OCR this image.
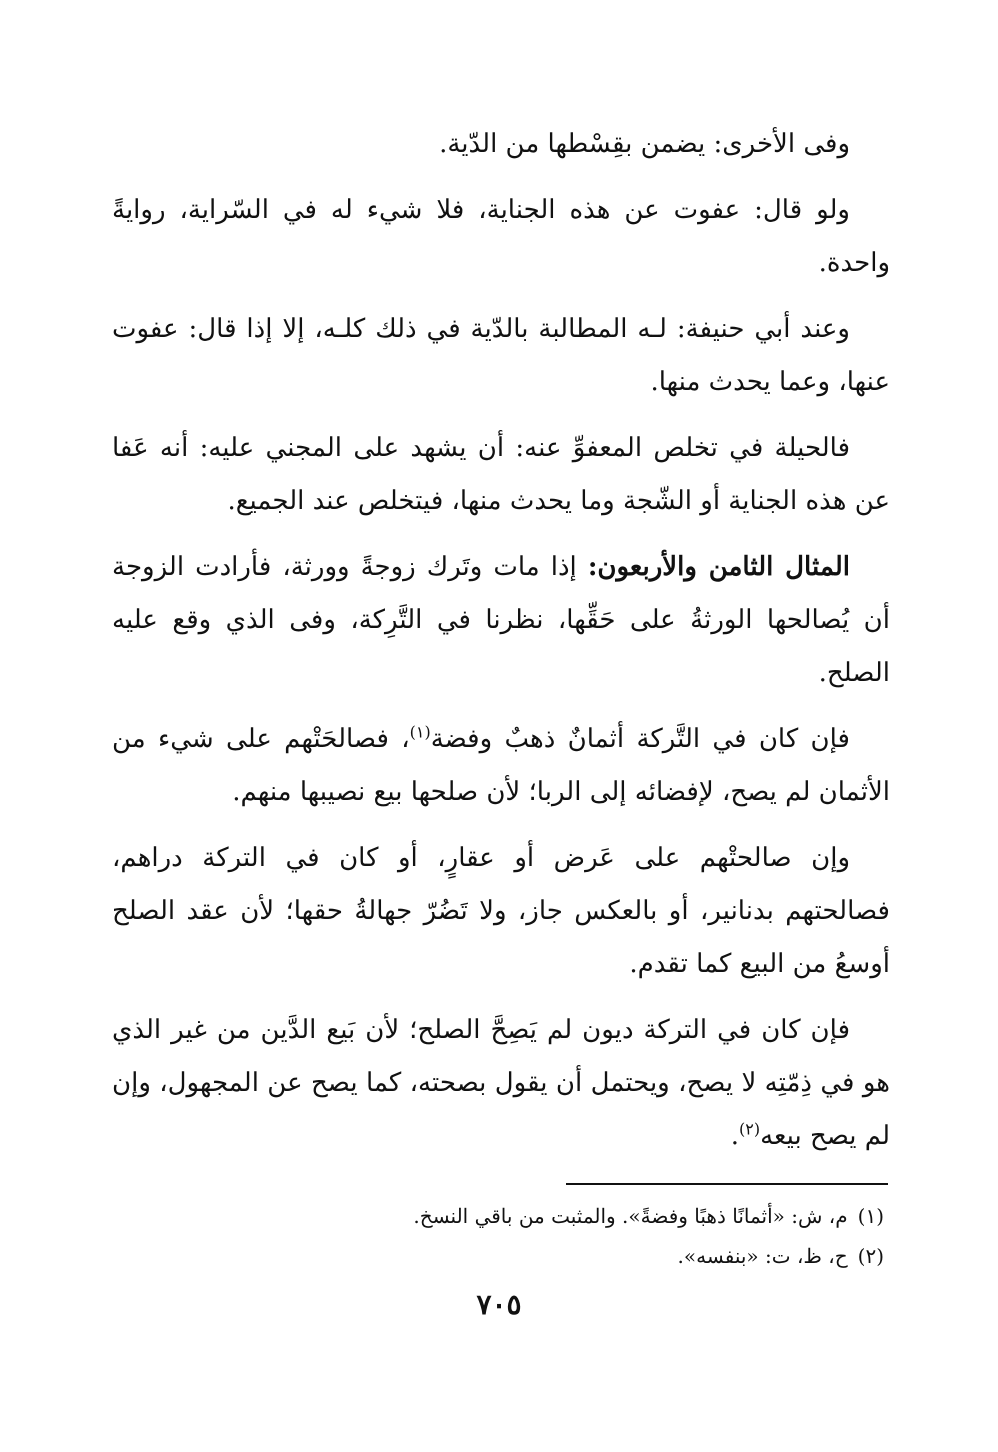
وفى الأخرى: يضمن بقِسْطها من الدّية.

ولو قال: عفوت عن هذه الجناية، فلا شيء له في السّراية، روايةً واحدة.

وعند أبي حنيفة: لـه المطالبة بالدّية في ذلك كلـه، إلا إذا قال: عفوت عنها، وعما يحدث منها.

فالحيلة في تخلص المعفوِّ عنه: أن يشهد على المجني عليه: أنه عَفا عن هذه الجناية أو الشّجة وما يحدث منها، فيتخلص عند الجميع.

المثال الثامن والأربعون: إذا مات وتَرك زوجةً وورثة، فأرادت الزوجة أن يُصالحها الورثةُ على حَقِّها، نظرنا في التَّرِكة، وفى الذي وقع عليه الصلح.

فإن كان في التَّركة أثمانٌ ذهبٌ وفضة$^{(١)}$، فصالحَتْهم على شيء من الأثمان لم يصح، لإفضائه إلى الربا؛ لأن صلحها بيع نصيبها منهم.

وإن صالحتْهم على عَرض أو عقارٍ، أو كان في التركة دراهم، فصالحتهم بدنانير، أو بالعكس جاز، ولا تَضُرّ جهالةُ حقها؛ لأن عقد الصلح أوسعُ من البيع كما تقدم.

فإن كان في التركة ديون لم يَصِحَّ الصلح؛ لأن بَيع الدَّين من غير الذي هو في ذِمّتِه لا يصح، ويحتمل أن يقول بصحته، كما يصح عن المجهول، وإن لم يصح بيعه$^{(٢)}$.

(١)م، ش: «أثمانًا ذهبًا وفضةً». والمثبت من باقي النسخ.

(٢)ح، ظ، ت: «بنفسه».

٧٠٥
